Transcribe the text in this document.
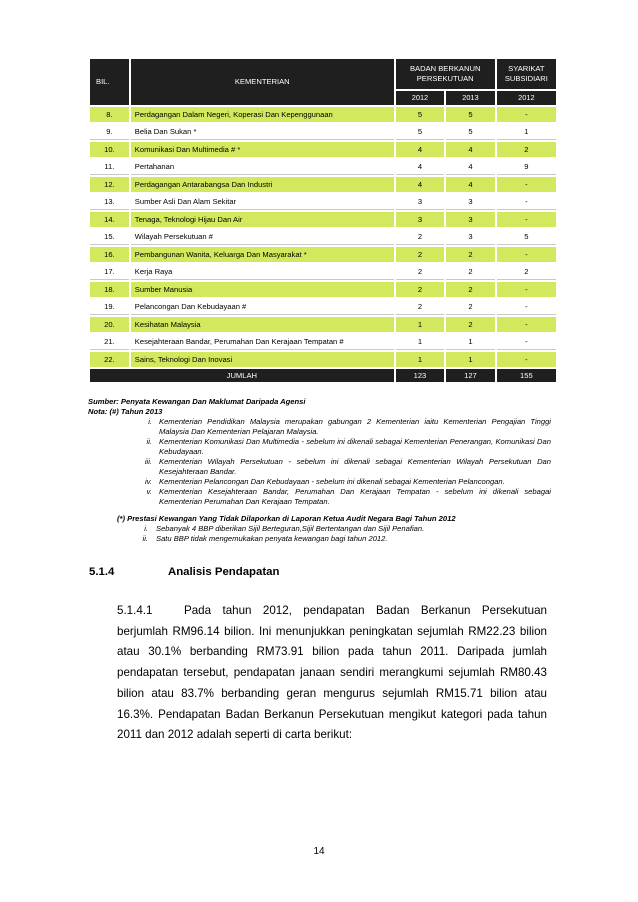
BIL.	KEMENTERIAN	BADAN BERKANUN PERSEKUTUAN		SYARIKAT SUBSIDIARI
		2012	2013	2012
8.	Perdagangan Dalam Negeri, Koperasi Dan Kepenggunaan	5	5	-
9.	Belia Dan Sukan *	5	5	1
10.	Komunikasi Dan Multimedia # *	4	4	2
11.	Pertahanan	4	4	9
12.	Perdagangan Antarabangsa Dan Industri	4	4	-
13.	Sumber Asli Dan Alam Sekitar	3	3	-
14.	Tenaga, Teknologi Hijau Dan Air	3	3	-
15.	Wilayah Persekutuan #	2	3	5
16.	Pembangunan Wanita, Keluarga Dan Masyarakat *	2	2	-
17.	Kerja Raya	2	2	2
18.	Sumber Manusia	2	2	-
19.	Pelancongan Dan Kebudayaan #	2	2	-
20.	Kesihatan Malaysia	1	2	-
21.	Kesejahteraan Bandar, Perumahan Dan Kerajaan Tempatan #	1	1	-
22.	Sains, Teknologi Dan Inovasi	1	1	-
JUMLAH		123	127	155
Sumber: Penyata Kewangan Dan Maklumat Daripada Agensi
Nota: (#) Tahun 2013
i. Kementerian Pendidikan Malaysia merupakan gabungan 2 Kementerian iaitu Kementerian Pengajian Tinggi Malaysia Dan Kementerian Pelajaran Malaysia.
ii. Kementerian Komunikasi Dan Multimedia - sebelum ini dikenali sebagai Kementerian Penerangan, Komunikasi Dan Kebudayaan.
iii. Kementerian Wilayah Persekutuan - sebelum ini dikenali sebagai Kementerian Wilayah Persekutuan Dan Kesejahteraan Bandar.
iv. Kementerian Pelancongan Dan Kebudayaan - sebelum ini dikenali sebagai Kementerian Pelancongan.
v. Kementerian Kesejahteraan Bandar, Perumahan Dan Kerajaan Tempatan - sebelum ini dikenali sebagai Kementerian Perumahan Dan Kerajaan Tempatan.
(*) Prestasi Kewangan Yang Tidak Dilaporkan di Laporan Ketua Audit Negara Bagi Tahun 2012
i. Sebanyak 4 BBP diberikan Sijil Berteguran,Sijil Bertentangan dan Sijil Penafian.
ii. Satu BBP tidak mengemukakan penyata kewangan bagi tahun 2012.
5.1.4	Analisis Pendapatan
5.1.4.1	Pada tahun 2012, pendapatan Badan Berkanun Persekutuan berjumlah RM96.14 bilion. Ini menunjukkan peningkatan sejumlah RM22.23 bilion atau 30.1% berbanding RM73.91 bilion pada tahun 2011. Daripada jumlah pendapatan tersebut, pendapatan janaan sendiri merangkumi sejumlah RM80.43 bilion atau 83.7% berbanding geran mengurus sejumlah RM15.71 bilion atau 16.3%. Pendapatan Badan Berkanun Persekutuan mengikut kategori pada tahun 2011 dan 2012 adalah seperti di carta berikut:
14
